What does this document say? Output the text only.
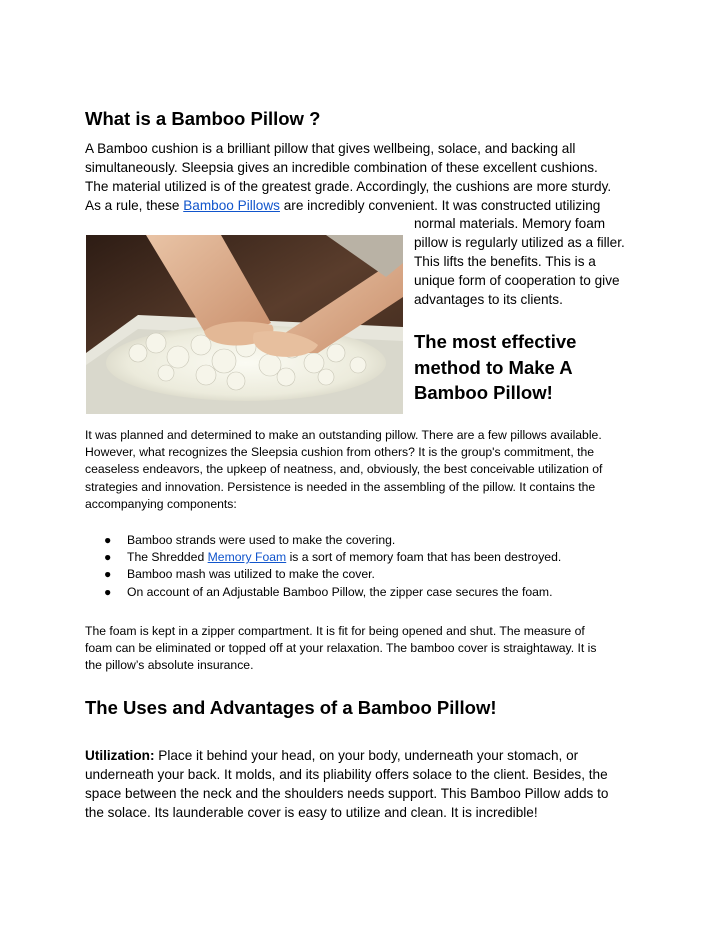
What is a Bamboo Pillow ?

A Bamboo cushion is a brilliant pillow that gives wellbeing, solace, and backing all

simultaneously. Sleepsia gives an incredible combination of these excellent cushions.

The material utilized is of the greatest grade. Accordingly, the cushions are more sturdy.

As a rule, these Bamboo Pillows are incredibly convenient. It was constructed utilizing

normal materials. Memory foam

pillow is regularly utilized as a filler.

This lifts the benefits. This is a

unique form of cooperation to give

advantages to its clients.

The most effective
method to Make A
Bamboo Pillow!

It was planned and determined to make an outstanding pillow. There are a few pillows available.

However, what recognizes the Sleepsia cushion from others? It is the group's commitment, the

ceaseless endeavors, the upkeep of neatness, and, obviously, the best conceivable utilization of

strategies and innovation. Persistence is needed in the assembling of the pillow. It contains the

accompanying components:

● Bamboo strands were used to make the covering.
● The Shredded Memory Foam is a sort of memory foam that has been destroyed.
● Bamboo mash was utilized to make the cover.
● On account of an Adjustable Bamboo Pillow, the zipper case secures the foam.

The foam is kept in a zipper compartment. It is fit for being opened and shut. The measure of

foam can be eliminated or topped off at your relaxation. The bamboo cover is straightaway. It is

the pillow’s absolute insurance.

The Uses and Advantages of a Bamboo Pillow!

Utilization: Place it behind your head, on your body, underneath your stomach, or

underneath your back. It molds, and its pliability offers solace to the client. Besides, the

space between the neck and the shoulders needs support. This Bamboo Pillow adds to

the solace. Its launderable cover is easy to utilize and clean. It is incredible!
